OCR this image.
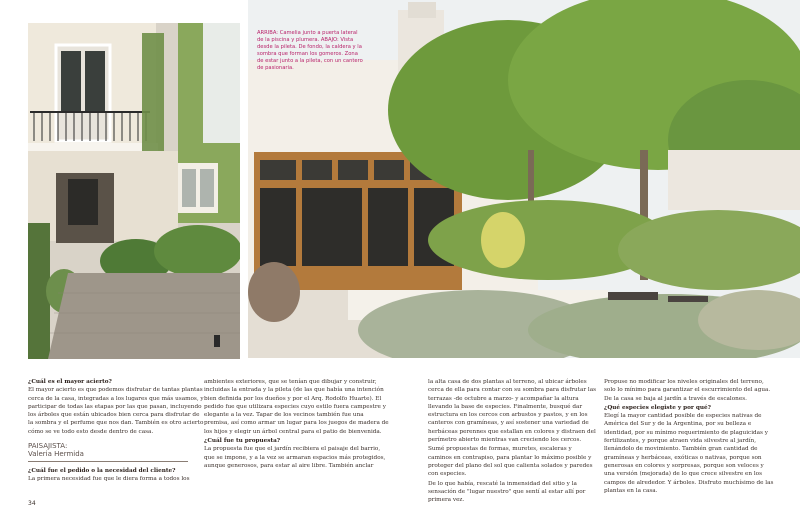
ARRIBA: Camelia junto a puerta lateral de la piscina y plumera. ABAJO: Vista desde la pileta. De fondo, la caldera y la sombra que forman los gomeros. Zona de estar junto a la pileta, con un cantero de pasionaria.
¿Cuál es el mayor acierto?

El mayor acierto es que podemos disfrutar de tantas plantas cerca de la casa, integradas a los lugares que más usamos, y participar de todas las etapas por las que pasan, incluyendo los árboles que están ubicados bien cerca para disfrutar de la sombra y el perfume que nos dan. También es otro acierto cómo se ve todo esto desde dentro de casa.

PAISAJISTA:
Valeria Hermida
¿Cuál fue el pedido o la necesidad del cliente?

La primera necesidad fue que le diera forma a todos los

ambientes exteriores, que se tenían que dibujar y construir, incluidas la entrada y la pileta (de las que había una intención bien definida por los dueños y por el Arq. Rodolfo Huarte). El pedido fue que utilizara especies cuyo estilo fuera campestre y elegante a la vez. Tapar de los vecinos también fue una premisa, así como armar un lugar para los juegos de madera de los hijos y elegir un árbol central para el patio de bienvenida.

¿Cuál fue tu propuesta?

La propuesta fue que el jardín recibiera el paisaje del barrio, que se impone, y a la vez se armaran espacios más protegidos, aunque generosos, para estar al aire libre. También anclar

la alta casa de dos plantas al terreno, al ubicar árboles cerca de ella para contar con su sombra para disfrutar las terrazas -de octubre a marzo- y acompañar la altura llevando la base de especies. Finalmente, busqué dar estructura en los cercos con arbustos y pastos, y en los canteros con gramíneas, y así sostener una variedad de herbáceas perennes que estallan en colores y distraen del perímetro abierto mientras van creciendo los cercos.

Sumé propuestas de formas, muretes, escaleras y caminos en contrapiso, para plantar lo máximo posible y proteger del plano del sol que calienta solados y paredes con especies.

De lo que había, rescaté la inmensidad del sitio y la sensación de "lugar nuestro" que sentí al estar allí por primera vez.

Propuse no modificar los niveles originales del terreno, solo lo mínimo para garantizar el escurrimiento del agua. De la casa se baja al jardín a través de escalones.

¿Qué especies elegiste y por qué?

Elegí la mayor cantidad posible de especies nativas de América del Sur y de la Argentina, por su belleza e identidad, por su mínimo requerimiento de plaguicidas y fertilizantes, y porque atraen vida silvestre al jardín, llenándolo de movimiento. También gran cantidad de gramíneas y herbáceas, exóticas o nativas, porque son generosas en colores y sorpresas, porque son veloces y una versión (mejorada) de lo que crece silvestre en los campos de alrededor. Y árboles. Disfruto muchísimo de las plantas en la casa.

34
